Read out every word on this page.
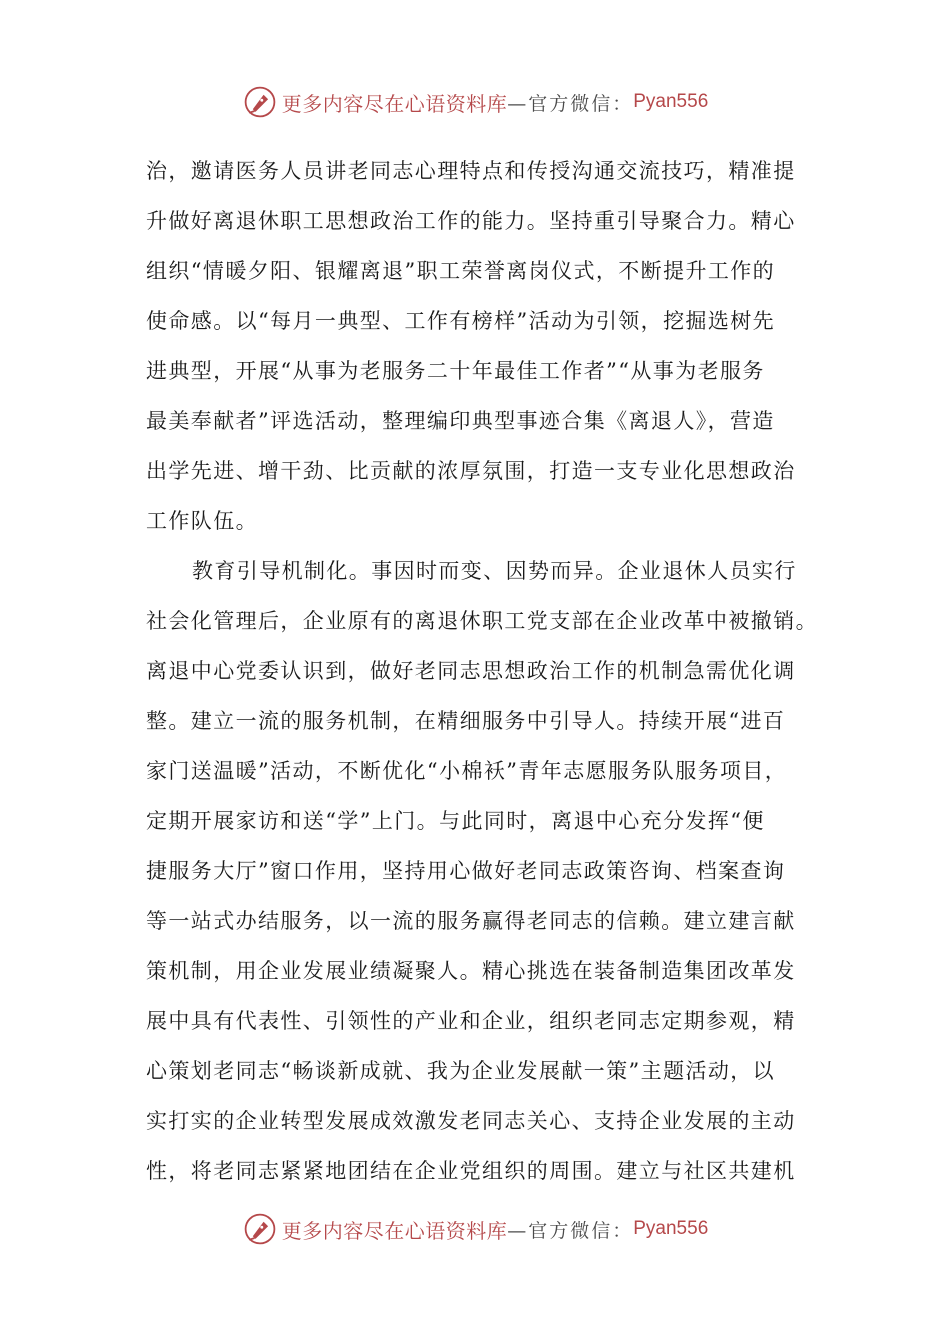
更多内容尽在心语资料库 —官方微信： Pyan556
治，邀请医务人员讲老同志心理特点和传授沟通交流技巧，精准提
升做好离退休职工思想政治工作的能力。坚持重引导聚合力。精心
组织“情暖夕阳、银耀离退”职工荣誉离岗仪式，不断提升工作的
使命感。以“每月一典型、工作有榜样”活动为引领，挖掘选树先
进典型，开展“从事为老服务二十年最佳工作者”“从事为老服务
最美奉献者”评选活动，整理编印典型事迹合集《离退人》，营造
出学先进、增干劲、比贡献的浓厚氛围，打造一支专业化思想政治
工作队伍。
教育引导机制化。事因时而变、因势而异。企业退休人员实行
社会化管理后，企业原有的离退休职工党支部在企业改革中被撤销。
离退中心党委认识到，做好老同志思想政治工作的机制急需优化调
整。建立一流的服务机制，在精细服务中引导人。持续开展“进百
家门送温暖”活动，不断优化“小棉袄”青年志愿服务队服务项目，
定期开展家访和送“学”上门。与此同时，离退中心充分发挥“便
捷服务大厅”窗口作用，坚持用心做好老同志政策咨询、档案查询
等一站式办结服务，以一流的服务赢得老同志的信赖。建立建言献
策机制，用企业发展业绩凝聚人。精心挑选在装备制造集团改革发
展中具有代表性、引领性的产业和企业，组织老同志定期参观，精
心策划老同志“畅谈新成就、我为企业发展献一策”主题活动，以
实打实的企业转型发展成效激发老同志关心、支持企业发展的主动
性，将老同志紧紧地团结在企业党组织的周围。建立与社区共建机
更多内容尽在心语资料库 —官方微信： Pyan556
